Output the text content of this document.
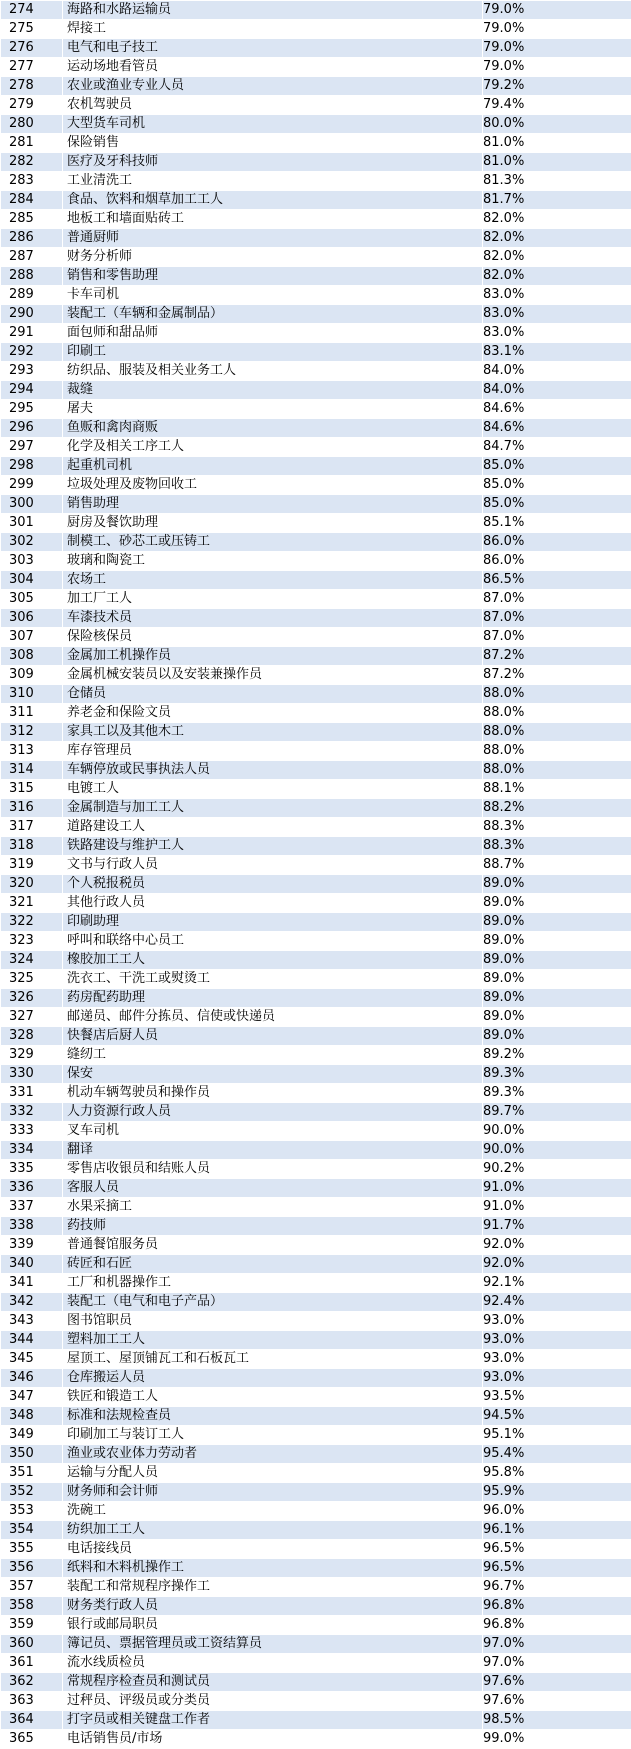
274	海路和水路运输员	79.0%
275	焊接工	79.0%
276	电气和电子技工	79.0%
277	运动场地看管员	79.0%
278	农业或渔业专业人员	79.2%
279	农机驾驶员	79.4%
280	大型货车司机	80.0%
281	保险销售	81.0%
282	医疗及牙科技师	81.0%
283	工业清洗工	81.3%
284	食品、饮料和烟草加工工人	81.7%
285	地板工和墙面贴砖工	82.0%
286	普通厨师	82.0%
287	财务分析师	82.0%
288	销售和零售助理	82.0%
289	卡车司机	83.0%
290	装配工（车辆和金属制品）	83.0%
291	面包师和甜品师	83.0%
292	印刷工	83.1%
293	纺织品、服装及相关业务工人	84.0%
294	裁缝	84.0%
295	屠夫	84.6%
296	鱼贩和禽肉商贩	84.6%
297	化学及相关工序工人	84.7%
298	起重机司机	85.0%
299	垃圾处理及废物回收工	85.0%
300	销售助理	85.0%
301	厨房及餐饮助理	85.1%
302	制模工、砂芯工或压铸工	86.0%
303	玻璃和陶瓷工	86.0%
304	农场工	86.5%
305	加工厂工人	87.0%
306	车漆技术员	87.0%
307	保险核保员	87.0%
308	金属加工机操作员	87.2%
309	金属机械安装员以及安装兼操作员	87.2%
310	仓储员	88.0%
311	养老金和保险文员	88.0%
312	家具工以及其他木工	88.0%
313	库存管理员	88.0%
314	车辆停放或民事执法人员	88.0%
315	电镀工人	88.1%
316	金属制造与加工工人	88.2%
317	道路建设工人	88.3%
318	铁路建设与维护工人	88.3%
319	文书与行政人员	88.7%
320	个人税报税员	89.0%
321	其他行政人员	89.0%
322	印刷助理	89.0%
323	呼叫和联络中心员工	89.0%
324	橡胶加工工人	89.0%
325	洗衣工、干洗工或熨烫工	89.0%
326	药房配药助理	89.0%
327	邮递员、邮件分拣员、信使或快递员	89.0%
328	快餐店后厨人员	89.0%
329	缝纫工	89.2%
330	保安	89.3%
331	机动车辆驾驶员和操作员	89.3%
332	人力资源行政人员	89.7%
333	叉车司机	90.0%
334	翻译	90.0%
335	零售店收银员和结账人员	90.2%
336	客服人员	91.0%
337	水果采摘工	91.0%
338	药技师	91.7%
339	普通餐馆服务员	92.0%
340	砖匠和石匠	92.0%
341	工厂和机器操作工	92.1%
342	装配工（电气和电子产品）	92.4%
343	图书馆职员	93.0%
344	塑料加工工人	93.0%
345	屋顶工、屋顶铺瓦工和石板瓦工	93.0%
346	仓库搬运人员	93.0%
347	铁匠和锻造工人	93.5%
348	标准和法规检查员	94.5%
349	印刷加工与装订工人	95.1%
350	渔业或农业体力劳动者	95.4%
351	运输与分配人员	95.8%
352	财务师和会计师	95.9%
353	洗碗工	96.0%
354	纺织加工工人	96.1%
355	电话接线员	96.5%
356	纸料和木料机操作工	96.5%
357	装配工和常规程序操作工	96.7%
358	财务类行政人员	96.8%
359	银行或邮局职员	96.8%
360	簿记员、票据管理员或工资结算员	97.0%
361	流水线质检员	97.0%
362	常规程序检查员和测试员	97.6%
363	过秤员、评级员或分类员	97.6%
364	打字员或相关键盘工作者	98.5%
365	电话销售员/市场	99.0%
